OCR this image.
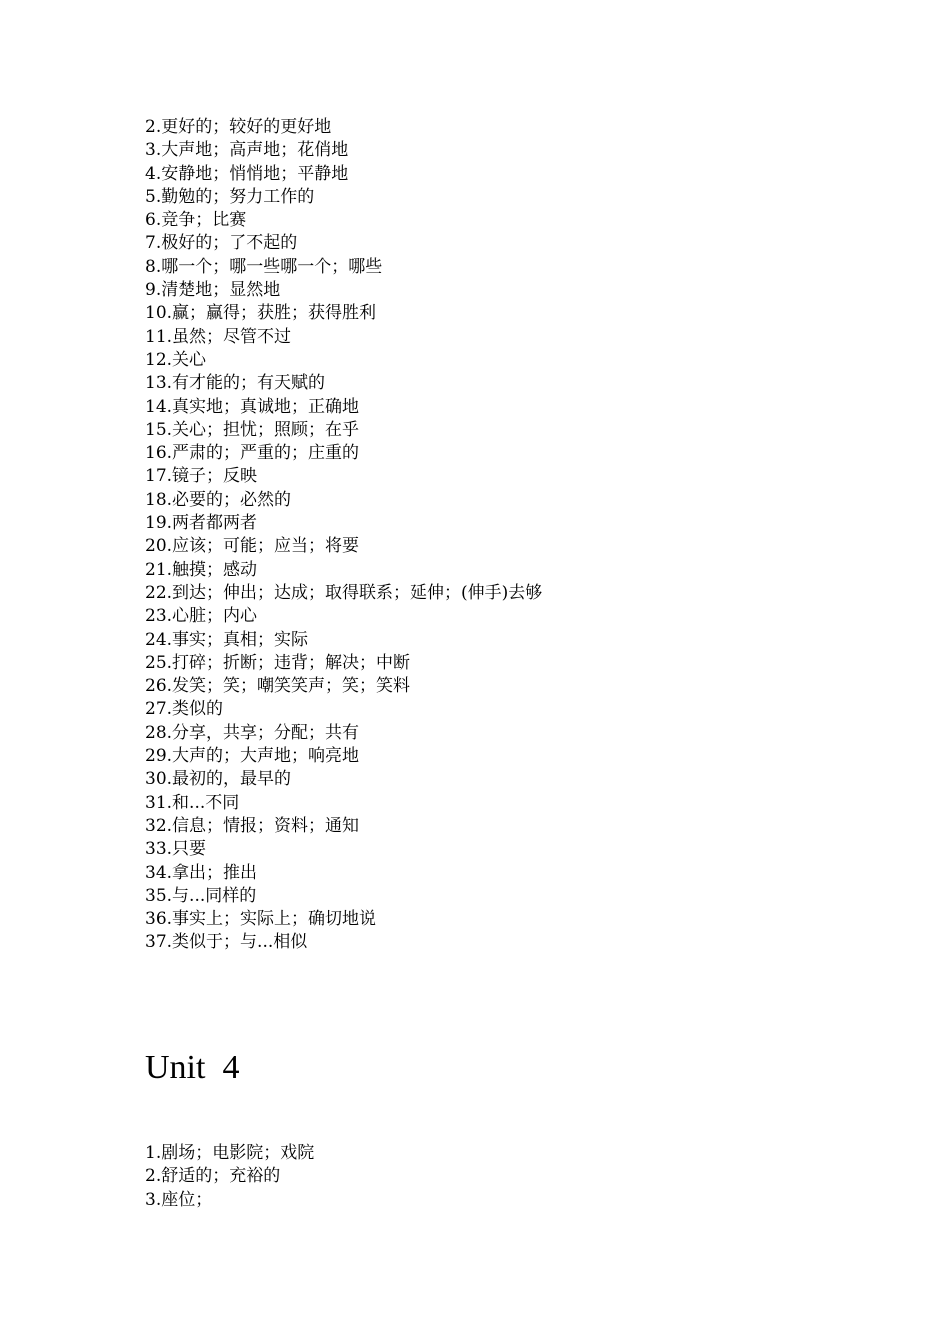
2.更好的；较好的更好地
3.大声地；高声地；花俏地
4.安静地；悄悄地；平静地
5.勤勉的；努力工作的
6.竞争；比赛
7.极好的；了不起的
8.哪一个；哪一些哪一个；哪些
9.清楚地；显然地
10.赢；赢得；获胜；获得胜利
11.虽然；尽管不过
12.关心
13.有才能的；有天赋的
14.真实地；真诚地；正确地
15.关心；担忧；照顾；在乎
16.严肃的；严重的；庄重的
17.镜子；反映
18.必要的；必然的
19.两者都两者
20.应该；可能；应当；将要
21.触摸；感动
22.到达；伸出；达成；取得联系；延伸；(伸手)去够
23.心脏；内心
24.事实；真相；实际
25.打碎；折断；违背；解决；中断
26.发笑；笑；嘲笑笑声；笑；笑料
27.类似的
28.分享，共享；分配；共有
29.大声的；大声地；响亮地
30.最初的，最早的
31.和...不同
32.信息；情报；资料；通知
33.只要
34.拿出；推出
35.与...同样的
36.事实上；实际上；确切地说
37.类似于；与...相似
Unit  4
1.剧场；电影院；戏院
2.舒适的；充裕的
3.座位；
